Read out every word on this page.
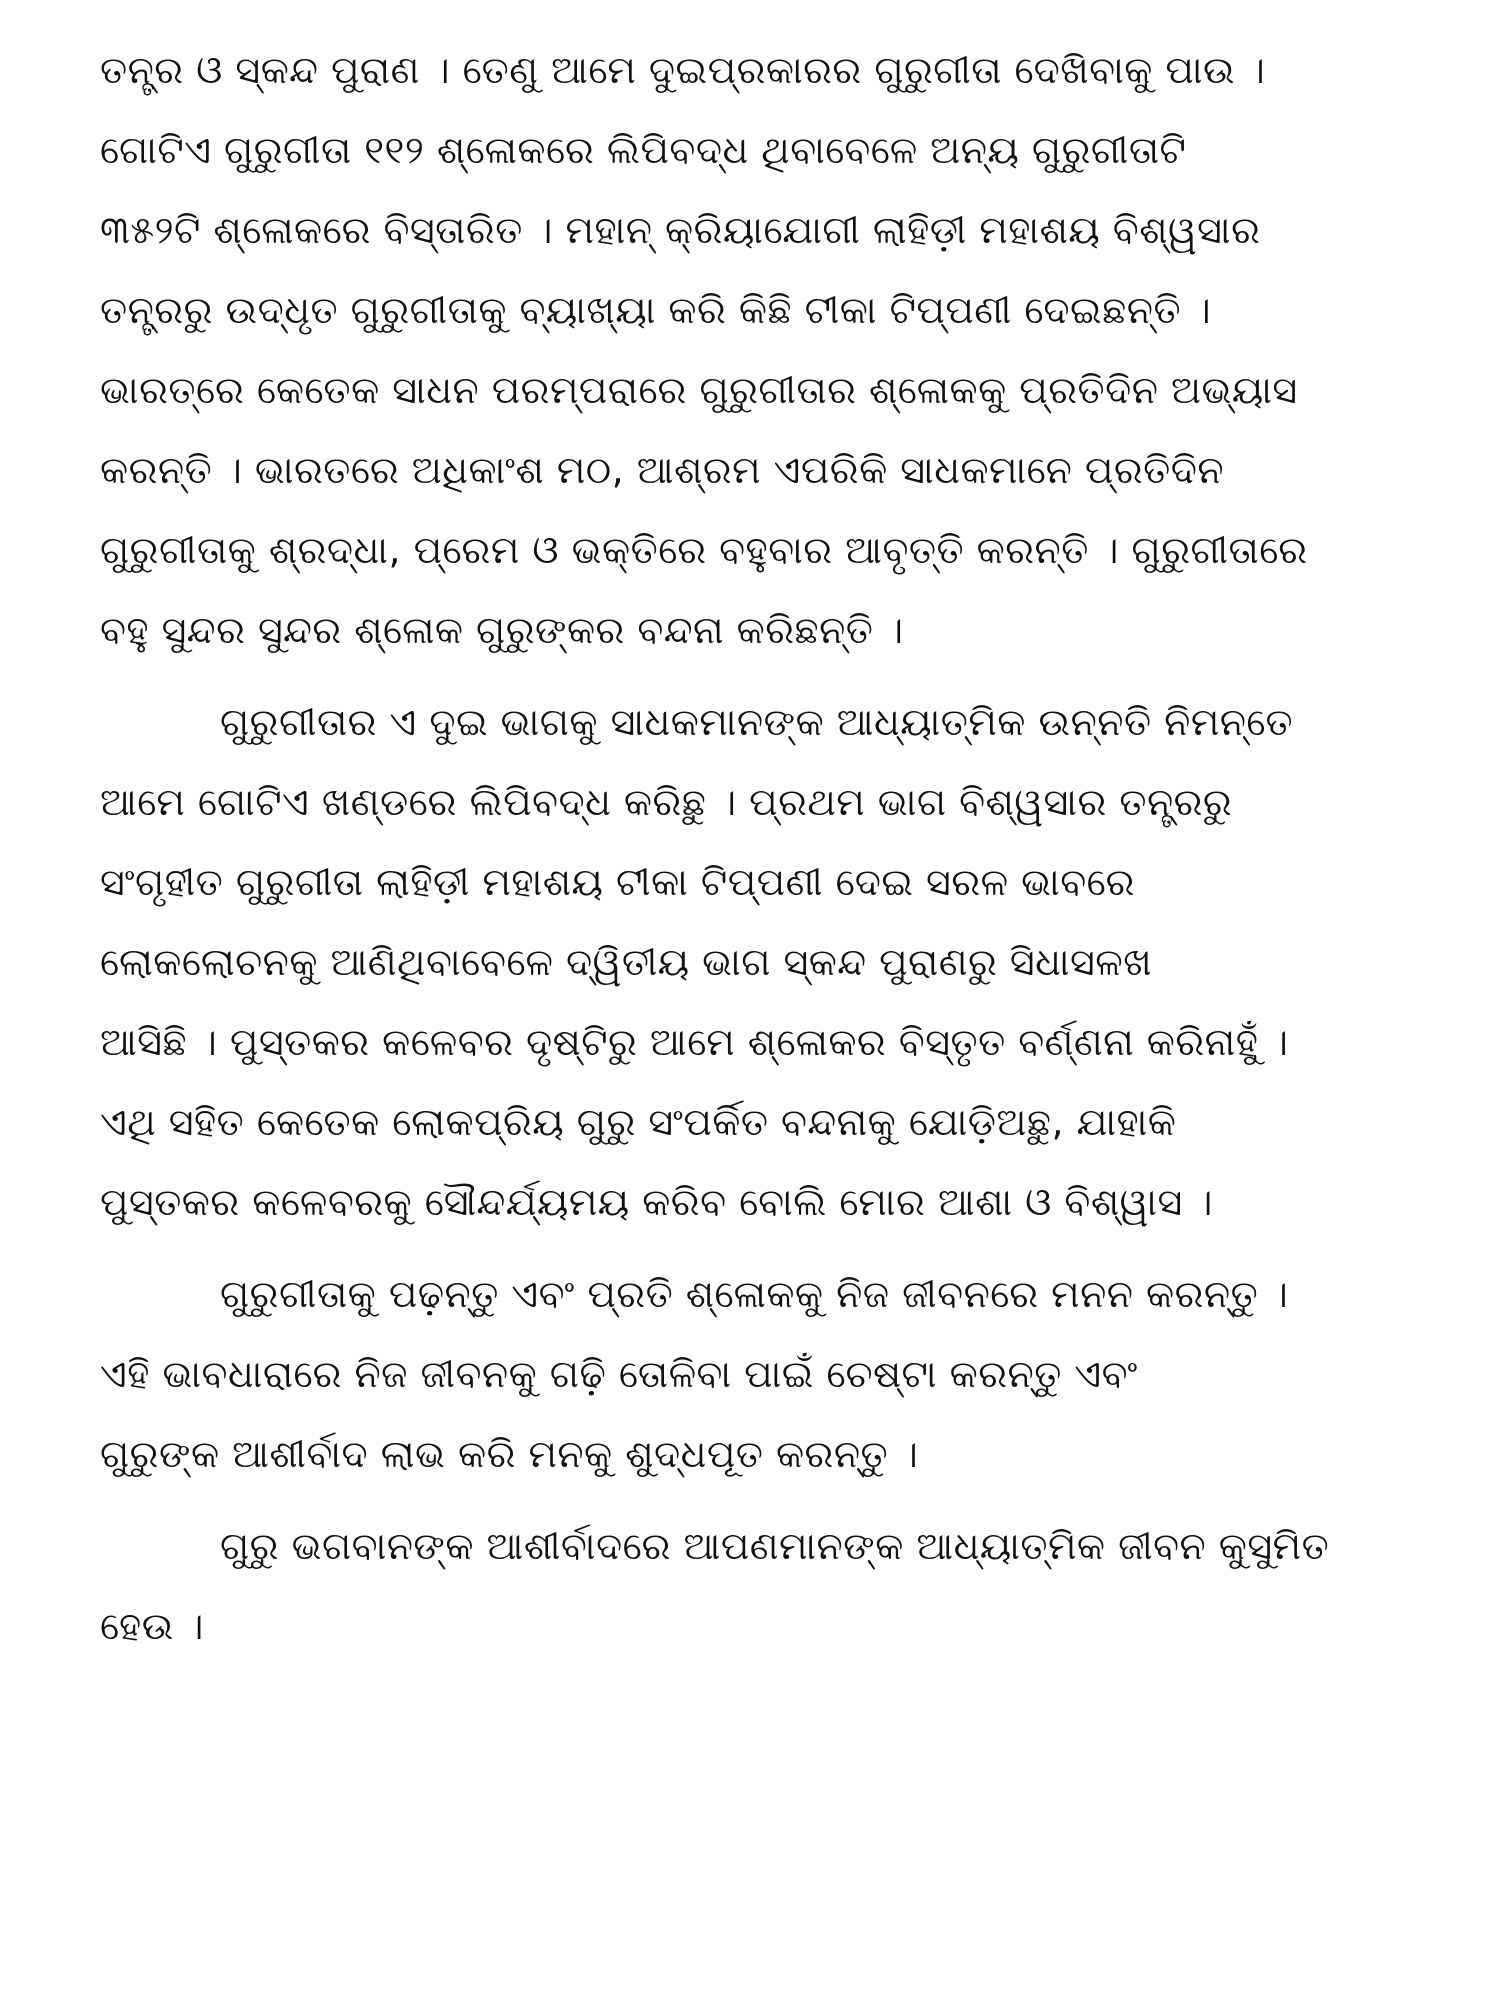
ତନ୍ତ୍ର ଓ ସ୍କନ୍ଦ ପୁରାଣ । ତେଣୁ ଆମେ ଦୁଇପ୍ରକାରର ଗୁରୁଗୀତା ଦେଖିବାକୁ ପାଉ ।
ଗୋଟିଏ ଗୁରୁଗୀତା ୧୧୨ ଶ୍ଳୋକରେ ଲିପିବଦ୍ଧ ଥିବାବେଳେ ଅନ୍ୟ ଗୁରୁଗୀତାଟି
୩୫୨ଟି ଶ୍ଳୋକରେ ବିସ୍ତାରିତ । ମହାନ୍ କ୍ରିୟାଯୋଗୀ ଲାହିଡ଼ୀ ମହାଶୟ ବିଶ୍ୱସାର
ତନ୍ତ୍ରରୁ ଉଦ୍ଧୃତ ଗୁରୁଗୀତାକୁ ବ୍ୟାଖ୍ୟା କରି କିଛି ଟୀକା ଟିପ୍‌ପଣୀ ଦେଇଛନ୍ତି ।
ଭାରତ୍‌ରେ କେତେକ ସାଧନ ପରମ୍ପରାରେ ଗୁରୁଗୀତାର ଶ୍ଳୋକକୁ ପ୍ରତିଦିନ ଅଭ୍ୟାସ
କରନ୍ତି । ଭାରତରେ ଅଧିକାଂଶ ମଠ, ଆଶ୍ରମ ଏପରିକି ସାଧକମାନେ ପ୍ରତିଦିନ
ଗୁରୁଗୀତାକୁ ଶ୍ରଦ୍ଧା, ପ୍ରେମ ଓ ଭକ୍ତିରେ ବହୁବାର ଆବୃତ୍ତି କରନ୍ତି । ଗୁରୁଗୀତାରେ
ବହୁ ସୁନ୍ଦର ସୁନ୍ଦର ଶ୍ଳୋକ ଗୁରୁଙ୍କର ବନ୍ଦନା କରିଛନ୍ତି ।
ଗୁରୁଗୀତାର ଏ ଦୁଇ ଭାଗକୁ ସାଧକମାନଙ୍କ ଆଧ୍ୟାତ୍ମିକ ଉନ୍ନତି ନିମନ୍ତେ
ଆମେ ଗୋଟିଏ ଖଣ୍ଡରେ ଲିପିବଦ୍ଧ କରିଛୁ । ପ୍ରଥମ ଭାଗ ବିଶ୍ୱସାର ତନ୍ତ୍ରରୁ
ସଂଗୃହୀତ ଗୁରୁଗୀତା ଲାହିଡ଼ୀ ମହାଶୟ ଟୀକା ଟିପ୍‌ପଣୀ ଦେଇ ସରଳ ଭାବରେ
ଲୋକଲୋଚନକୁ ଆଣିଥିବାବେଳେ ଦ୍ୱିତୀୟ ଭାଗ ସ୍କନ୍ଦ ପୁରାଣରୁ ସିଧାସଳଖ
ଆସିଛି । ପୁସ୍ତକର କଳେବର ଦୃଷ୍ଟିରୁ ଆମେ ଶ୍ଳୋକର ବିସ୍ତୃତ ବର୍ଣ୍ଣନା କରିନାହୁଁ ।
ଏଥି ସହିତ କେତେକ ଲୋକପ୍ରିୟ ଗୁରୁ ସଂପର୍କିତ ବନ୍ଦନାକୁ ଯୋଡ଼ିଅଛୁ, ଯାହାକି
ପୁସ୍ତକର କଳେବରକୁ ସୌନ୍ଦର୍ଯ୍ୟମୟ କରିବ ବୋଲି ମୋର ଆଶା ଓ ବିଶ୍ୱାସ ।
ଗୁରୁଗୀତାକୁ ପଢ଼ନ୍ତୁ ଏବଂ ପ୍ରତି ଶ୍ଳୋକକୁ ନିଜ ଜୀବନରେ ମନନ କରନ୍ତୁ ।
ଏହି ଭାବଧାରାରେ ନିଜ ଜୀବନକୁ ଗଢ଼ି ତୋଳିବା ପାଇଁ ଚେଷ୍ଟା କରନ୍ତୁ ଏବଂ
ଗୁରୁଙ୍କ ଆଶୀର୍ବାଦ ଲାଭ କରି ମନକୁ ଶୁଦ୍ଧପୂତ କରନ୍ତୁ ।
ଗୁରୁ ଭଗବାନଙ୍କ ଆଶୀର୍ବାଦରେ ଆପଣମାନଙ୍କ ଆଧ୍ୟାତ୍ମିକ ଜୀବନ କୁସୁମିତ
ହେଉ ।
